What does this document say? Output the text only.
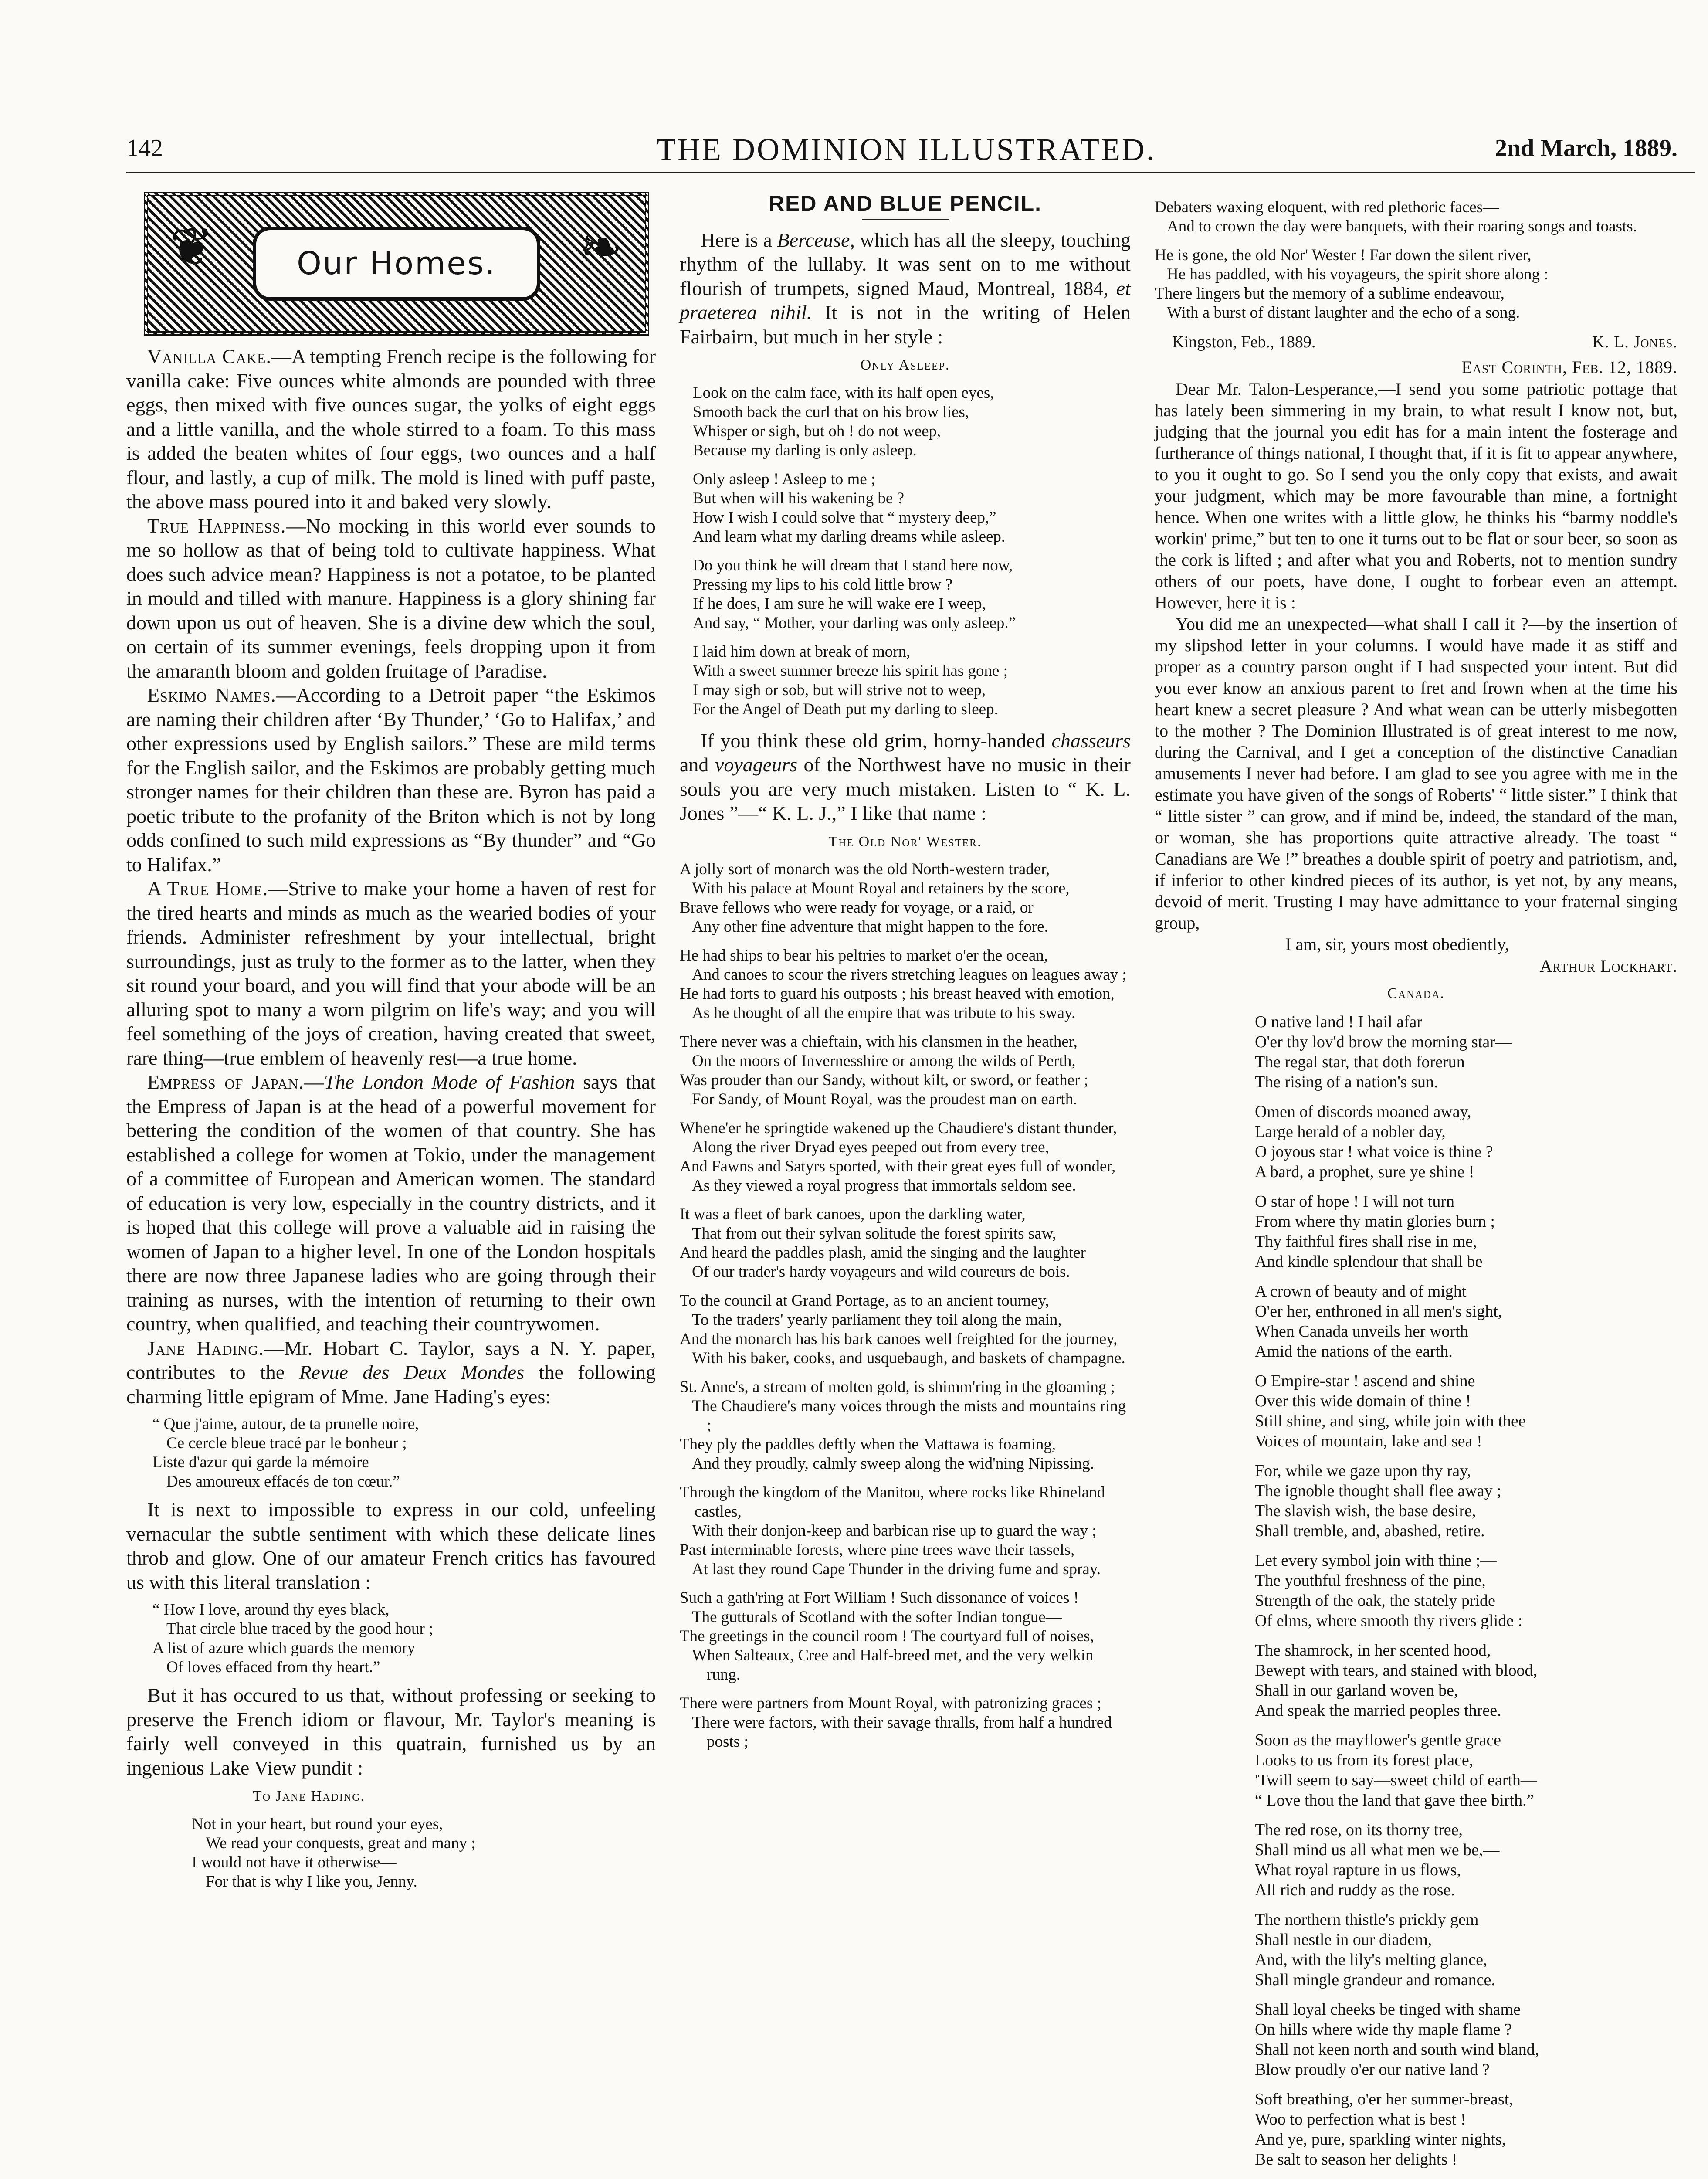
142	THE DOMINION ILLUSTRATED.	2nd March, 1889.
❦	Our Homes. ❧

Vanilla Cake.—A tempting French recipe is the following for vanilla cake: Five ounces white almonds are pounded with three eggs, then mixed with five ounces sugar, the yolks of eight eggs and a little vanilla, and the whole stirred to a foam. To this mass is added the beaten whites of four eggs, two ounces and a half flour, and lastly, a cup of milk. The mold is lined with puff paste, the above mass poured into it and baked very slowly.

True Happiness.—No mocking in this world ever sounds to me so hollow as that of being told to cultivate happiness. What does such advice mean? Happiness is not a potatoe, to be planted in mould and tilled with manure. Happiness is a glory shining far down upon us out of heaven. She is a divine dew which the soul, on certain of its summer evenings, feels dropping upon it from the amaranth bloom and golden fruitage of Paradise.

Eskimo Names.—According to a Detroit paper “the Eskimos are naming their children after ‘By Thunder,’ ‘Go to Halifax,’ and other expressions used by English sailors.” These are mild terms for the English sailor, and the Eskimos are probably getting much stronger names for their children than these are. Byron has paid a poetic tribute to the profanity of the Briton which is not by long odds confined to such mild expressions as “By thunder” and “Go to Halifax.”

A True Home.—Strive to make your home a haven of rest for the tired hearts and minds as much as the wearied bodies of your friends. Administer refreshment by your intellectual, bright surroundings, just as truly to the former as to the latter, when they sit round your board, and you will find that your abode will be an alluring spot to many a worn pilgrim on life's way; and you will feel something of the joys of creation, having created that sweet, rare thing—true emblem of heavenly rest—a true home.

Empress of Japan.—The London Mode of Fashion says that the Empress of Japan is at the head of a powerful movement for bettering the condition of the women of that country. She has established a college for women at Tokio, under the management of a committee of European and American women. The standard of education is very low, especially in the country districts, and it is hoped that this college will prove a valuable aid in raising the women of Japan to a higher level. In one of the London hospitals there are now three Japanese ladies who are going through their training as nurses, with the intention of returning to their own country, when qualified, and teaching their countrywomen.

Jane Hading.—Mr. Hobart C. Taylor, says a N. Y. paper, contributes to the Revue des Deux Mondes the following charming little epigram of Mme. Jane Hading's eyes:

“ Que j'aime, autour, de ta prunelle noire,
Ce cercle bleue tracé par le bonheur ;
Liste d'azur qui garde la mémoire
Des amoureux effacés de ton cœur.”

It is next to impossible to express in our cold, unfeeling vernacular the subtle sentiment with which these delicate lines throb and glow. One of our amateur French critics has favoured us with this literal translation :

“ How I love, around thy eyes black,
That circle blue traced by the good hour ;
A list of azure which guards the memory
Of loves effaced from thy heart.”

But it has occured to us that, without professing or seeking to preserve the French idiom or flavour, Mr. Taylor's meaning is fairly well conveyed in this quatrain, furnished us by an ingenious Lake View pundit :

To Jane Hading.
Not in your heart, but round your eyes,
We read your conquests, great and many ;
I would not have it otherwise—
For that is why I like you, Jenny.
RED AND BLUE PENCIL.

Here is a Berceuse, which has all the sleepy, touching rhythm of the lullaby. It was sent on to me without flourish of trumpets, signed Maud, Montreal, 1884, et praeterea nihil. It is not in the writing of Helen Fairbairn, but much in her style :

Only Asleep.
Look on the calm face, with its half open eyes,
Smooth back the curl that on his brow lies,
Whisper or sigh, but oh ! do not weep,
Because my darling is only asleep.
Only asleep ! Asleep to me ;
But when will his wakening be ?
How I wish I could solve that “ mystery deep,”
And learn what my darling dreams while asleep.
Do you think he will dream that I stand here now,
Pressing my lips to his cold little brow ?
If he does, I am sure he will wake ere I weep,
And say, “ Mother, your darling was only asleep.”
I laid him down at break of morn,
With a sweet summer breeze his spirit has gone ;
I may sigh or sob, but will strive not to weep,
For the Angel of Death put my darling to sleep.

If you think these old grim, horny-handed chasseurs and voyageurs of the Northwest have no music in their souls you are very much mistaken. Listen to “ K. L. Jones ”—“ K. L. J.,” I like that name :

The Old Nor' Wester.
A jolly sort of monarch was the old North-western trader,
With his palace at Mount Royal and retainers by the score,
Brave fellows who were ready for voyage, or a raid, or
Any other fine adventure that might happen to the fore.
He had ships to bear his peltries to market o'er the ocean,
And canoes to scour the rivers stretching leagues on leagues away ;
He had forts to guard his outposts ; his breast heaved with emotion,
As he thought of all the empire that was tribute to his sway.
There never was a chieftain, with his clansmen in the heather,
On the moors of Invernesshire or among the wilds of Perth,
Was prouder than our Sandy, without kilt, or sword, or feather ;
For Sandy, of Mount Royal, was the proudest man on earth.
Whene'er he springtide wakened up the Chaudiere's distant thunder,
Along the river Dryad eyes peeped out from every tree,
And Fawns and Satyrs sported, with their great eyes full of wonder,
As they viewed a royal progress that immortals seldom see.
It was a fleet of bark canoes, upon the darkling water,
That from out their sylvan solitude the forest spirits saw,
And heard the paddles plash, amid the singing and the laughter
Of our trader's hardy voyageurs and wild coureurs de bois.
To the council at Grand Portage, as to an ancient tourney,
To the traders' yearly parliament they toil along the main,
And the monarch has his bark canoes well freighted for the journey,
With his baker, cooks, and usquebaugh, and baskets of champagne.
St. Anne's, a stream of molten gold, is shimm'ring in the gloaming ;
The Chaudiere's many voices through the mists and mountains ring ;
They ply the paddles deftly when the Mattawa is foaming,
And they proudly, calmly sweep along the wid'ning Nipissing.
Through the kingdom of the Manitou, where rocks like Rhineland castles,
With their donjon-keep and barbican rise up to guard the way ;
Past interminable forests, where pine trees wave their tassels,
At last they round Cape Thunder in the driving fume and spray.
Such a gath'ring at Fort William ! Such dissonance of voices !
The gutturals of Scotland with the softer Indian tongue—
The greetings in the council room ! The courtyard full of noises,
When Salteaux, Cree and Half-breed met, and the very welkin rung.
There were partners from Mount Royal, with patronizing graces ;
There were factors, with their savage thralls, from half a hundred posts ;
Debaters waxing eloquent, with red plethoric faces—
And to crown the day were banquets, with their roaring songs and toasts.
He is gone, the old Nor' Wester ! Far down the silent river,
He has paddled, with his voyageurs, the spirit shore along :
There lingers but the memory of a sublime endeavour,
With a burst of distant laughter and the echo of a song.
Kingston, Feb., 1889.	K. L. Jones.

East Corinth, Feb. 12, 1889.

Dear Mr. Talon-Lesperance,—I send you some patriotic pottage that has lately been simmering in my brain, to what result I know not, but, judging that the journal you edit has for a main intent the fosterage and furtherance of things national, I thought that, if it is fit to appear anywhere, to you it ought to go. So I send you the only copy that exists, and await your judgment, which may be more favourable than mine, a fortnight hence. When one writes with a little glow, he thinks his “barmy noddle's workin' prime,” but ten to one it turns out to be flat or sour beer, so soon as the cork is lifted ; and after what you and Roberts, not to mention sundry others of our poets, have done, I ought to forbear even an attempt. However, here it is :

You did me an unexpected—what shall I call it ?—by the insertion of my slipshod letter in your columns. I would have made it as stiff and proper as a country parson ought if I had suspected your intent. But did you ever know an anxious parent to fret and frown when at the time his heart knew a secret pleasure ? And what wean can be utterly misbegotten to the mother ? The Dominion Illustrated is of great interest to me now, during the Carnival, and I get a conception of the distinctive Canadian amusements I never had before. I am glad to see you agree with me in the estimate you have given of the songs of Roberts' “ little sister.” I think that “ little sister ” can grow, and if mind be, indeed, the standard of the man, or woman, she has proportions quite attractive already. The toast “ Canadians are We !” breathes a double spirit of poetry and patriotism, and, if inferior to other kindred pieces of its author, is yet not, by any means, devoid of merit. Trusting I may have admittance to your fraternal singing group,

I am, sir, yours most obediently,

Arthur Lockhart.

Canada.
O native land ! I hail afar
O'er thy lov'd brow the morning star—
The regal star, that doth forerun
The rising of a nation's sun.
Omen of discords moaned away,
Large herald of a nobler day,
O joyous star ! what voice is thine ?
A bard, a prophet, sure ye shine !
O star of hope ! I will not turn
From where thy matin glories burn ;
Thy faithful fires shall rise in me,
And kindle splendour that shall be
A crown of beauty and of might
O'er her, enthroned in all men's sight,
When Canada unveils her worth
Amid the nations of the earth.
O Empire-star ! ascend and shine
Over this wide domain of thine !
Still shine, and sing, while join with thee
Voices of mountain, lake and sea !
For, while we gaze upon thy ray,
The ignoble thought shall flee away ;
The slavish wish, the base desire,
Shall tremble, and, abashed, retire.
Let every symbol join with thine ;—
The youthful freshness of the pine,
Strength of the oak, the stately pride
Of elms, where smooth thy rivers glide :
The shamrock, in her scented hood,
Bewept with tears, and stained with blood,
Shall in our garland woven be,
And speak the married peoples three.
Soon as the mayflower's gentle grace
Looks to us from its forest place,
'Twill seem to say—sweet child of earth—
“ Love thou the land that gave thee birth.”
The red rose, on its thorny tree,
Shall mind us all what men we be,—
What royal rapture in us flows,
All rich and ruddy as the rose.
The northern thistle's prickly gem
Shall nestle in our diadem,
And, with the lily's melting glance,
Shall mingle grandeur and romance.
Shall loyal cheeks be tinged with shame
On hills where wide thy maple flame ?
Shall not keen north and south wind bland,
Blow proudly o'er our native land ?
Soft breathing, o'er her summer-breast,
Woo to perfection what is best !
And ye, pure, sparkling winter nights,
Be salt to season her delights !
